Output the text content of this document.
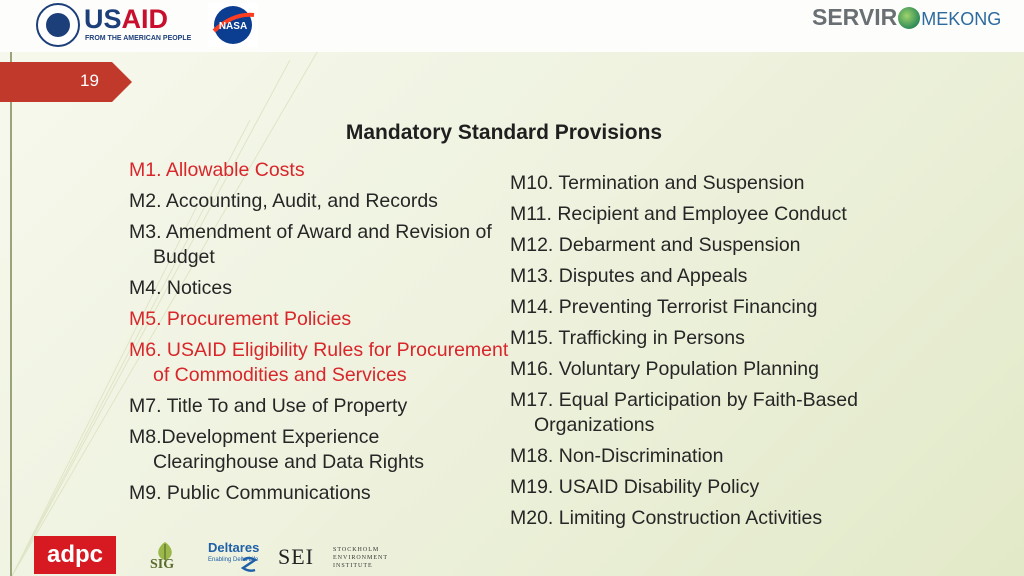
USAID
FROM THE AMERICAN PEOPLE
NASA	SERVIR MEKONG
19
Mandatory Standard Provisions
M1. Allowable Costs
M2. Accounting, Audit, and Records
M3. Amendment of Award and Revision of Budget
M4. Notices
M5. Procurement Policies
M6. USAID Eligibility Rules for Procurement of Commodities and Services
M7. Title To and Use of Property
M8.Development Experience Clearinghouse and Data Rights
M9. Public Communications
M10. Termination and Suspension
M11. Recipient and Employee Conduct
M12. Debarment and Suspension
M13. Disputes and Appeals
M14. Preventing Terrorist Financing
M15. Trafficking in Persons
M16. Voluntary Population Planning
M17. Equal Participation by Faith-Based Organizations
M18. Non-Discrimination
M19. USAID Disability Policy
M20. Limiting Construction Activities
adpc	SIG
Deltares
Enabling Delta Life SEI	STOCKHOLM
ENVIRONMENT
INSTITUTE
